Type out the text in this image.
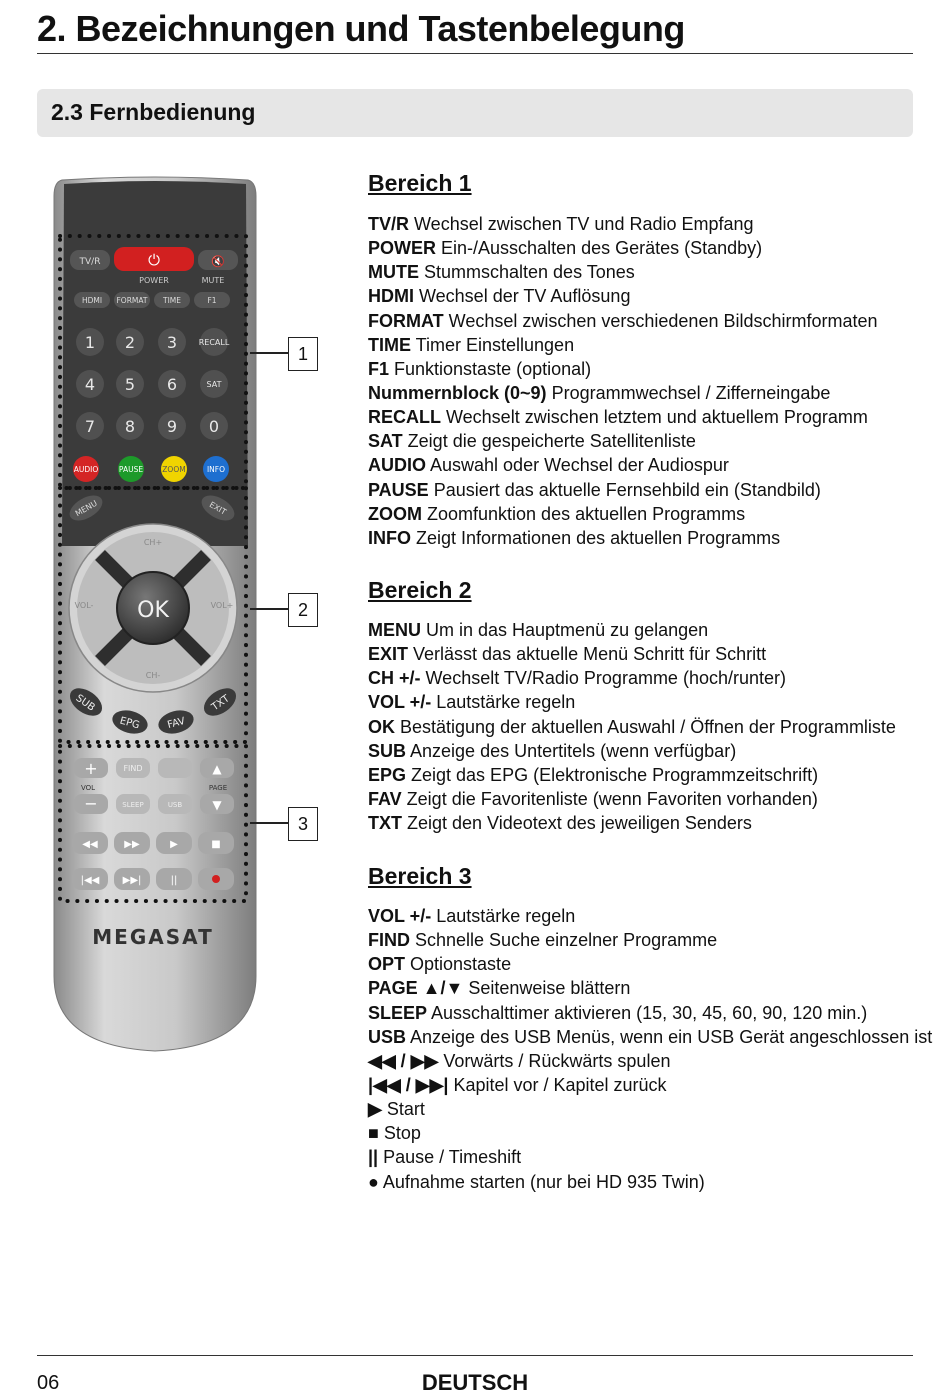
2. Bezeichnungen und Tastenbelegung
2.3 Fernbedienung
TV/R	⏻
POWER
🔇
MUTE
HDMI FORMAT TIME	F1
1 2 3
4 5 6
7 8 9 0
RECALL
SAT
AUDIO	PAUSE	ZOOM	INFO
MENU	EXIT
OK
CH+
CH-
VOL-	VOL+
SUB
EPG	FAV
TXT
+	FIND	▲
VOL	PAGE
−	SLEEP	USB	▼
◀◀	▶▶	▶	■
|◀◀ ▶▶|	||
MEGASAT
1
2
3
Bereich 1
TV/R Wechsel zwischen TV und Radio Empfang
POWER Ein-/Ausschalten des Gerätes (Standby)
MUTE Stummschalten des Tones
HDMI Wechsel der TV Auflösung
FORMAT Wechsel zwischen verschiedenen Bildschirmformaten
TIME Timer Einstellungen
F1 Funktionstaste (optional)
Nummernblock (0~9) Programmwechsel / Zifferneingabe
RECALL Wechselt zwischen letztem und aktuellem Programm
SAT Zeigt die gespeicherte Satellitenliste
AUDIO Auswahl oder Wechsel der Audiospur
PAUSE Pausiert das aktuelle Fernsehbild ein (Standbild)
ZOOM Zoomfunktion des aktuellen Programms
INFO Zeigt Informationen des aktuellen Programms
Bereich 2
MENU Um in das Hauptmenü zu gelangen
EXIT Verlässt das aktuelle Menü Schritt für Schritt
CH +/- Wechselt TV/Radio Programme (hoch/runter)
VOL +/- Lautstärke regeln
OK Bestätigung der aktuellen Auswahl / Öffnen der Programmliste
SUB Anzeige des Untertitels (wenn verfügbar)
EPG Zeigt das EPG (Elektronische Programmzeitschrift)
FAV Zeigt die Favoritenliste (wenn Favoriten vorhanden)
TXT Zeigt den Videotext des jeweiligen Senders
Bereich 3
VOL +/- Lautstärke regeln
FIND Schnelle Suche einzelner Programme
OPT Optionstaste
PAGE ▲/▼ Seitenweise blättern
SLEEP Ausschalttimer aktivieren (15, 30, 45, 60, 90, 120 min.)
USB Anzeige des USB Menüs, wenn ein USB Gerät angeschlossen ist
◀◀ / ▶▶ Vorwärts / Rückwärts spulen
|◀◀ / ▶▶| Kapitel vor / Kapitel zurück
▶ Start
■ Stop
|| Pause / Timeshift
● Aufnahme starten (nur bei HD 935 Twin)
06	DEUTSCH
